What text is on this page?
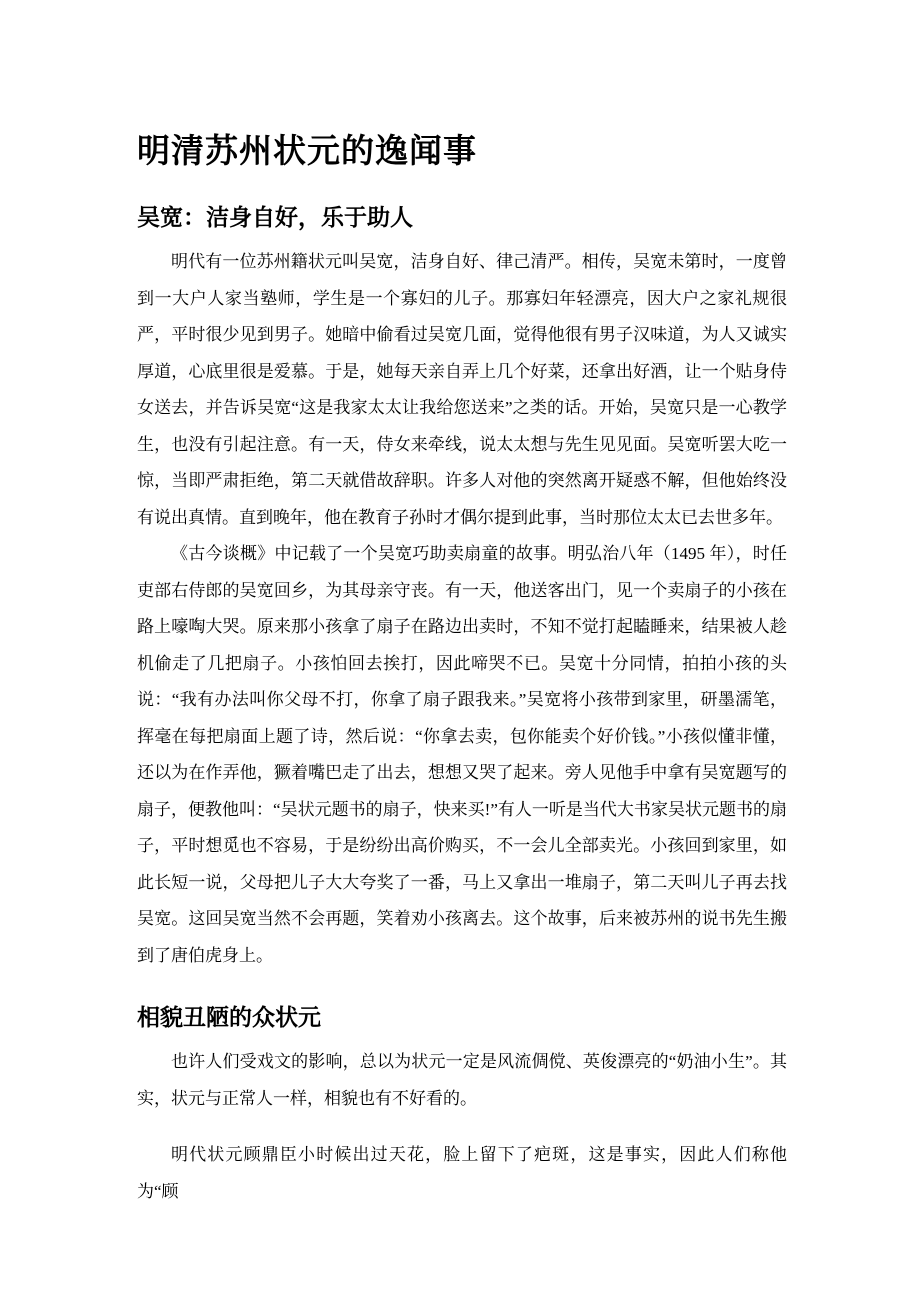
明清苏州状元的逸闻事
吴宽：洁身自好，乐于助人

明代有一位苏州籍状元叫吴宽，洁身自好、律己清严。相传，吴宽未第时，一度曾到一大户人家当塾师，学生是一个寡妇的儿子。那寡妇年轻漂亮，因大户之家礼规很严，平时很少见到男子。她暗中偷看过吴宽几面，觉得他很有男子汉味道，为人又诚实厚道，心底里很是爱慕。于是，她每天亲自弄上几个好菜，还拿出好酒，让一个贴身侍女送去，并告诉吴宽“这是我家太太让我给您送来”之类的话。开始，吴宽只是一心教学生，也没有引起注意。有一天，侍女来牵线，说太太想与先生见见面。吴宽听罢大吃一惊，当即严肃拒绝，第二天就借故辞职。许多人对他的突然离开疑惑不解，但他始终没有说出真情。直到晚年，他在教育子孙时才偶尔提到此事，当时那位太太已去世多年。

《古今谈概》中记载了一个吴宽巧助卖扇童的故事。明弘治八年（1495 年），时任吏部右侍郎的吴宽回乡，为其母亲守丧。有一天，他送客出门，见一个卖扇子的小孩在路上嚎啕大哭。原来那小孩拿了扇子在路边出卖时，不知不觉打起瞌睡来，结果被人趁机偷走了几把扇子。小孩怕回去挨打，因此啼哭不已。吴宽十分同情，拍拍小孩的头说：“我有办法叫你父母不打，你拿了扇子跟我来。”吴宽将小孩带到家里，研墨濡笔，挥毫在每把扇面上题了诗，然后说：“你拿去卖，包你能卖个好价钱。”小孩似懂非懂，还以为在作弄他，獗着嘴巴走了出去，想想又哭了起来。旁人见他手中拿有吴宽题写的扇子，便教他叫：“吴状元题书的扇子，快来买!”有人一听是当代大书家吴状元题书的扇子，平时想觅也不容易，于是纷纷出高价购买，不一会儿全部卖光。小孩回到家里，如此长短一说，父母把儿子大大夸奖了一番，马上又拿出一堆扇子，第二天叫儿子再去找吴宽。这回吴宽当然不会再题，笑着劝小孩离去。这个故事，后来被苏州的说书先生搬到了唐伯虎身上。

相貌丑陋的众状元

也许人们受戏文的影响，总以为状元一定是风流倜傥、英俊漂亮的“奶油小生”。其实，状元与正常人一样，相貌也有不好看的。

明代状元顾鼎臣小时候出过天花，脸上留下了疤斑，这是事实，因此人们称他为“顾
